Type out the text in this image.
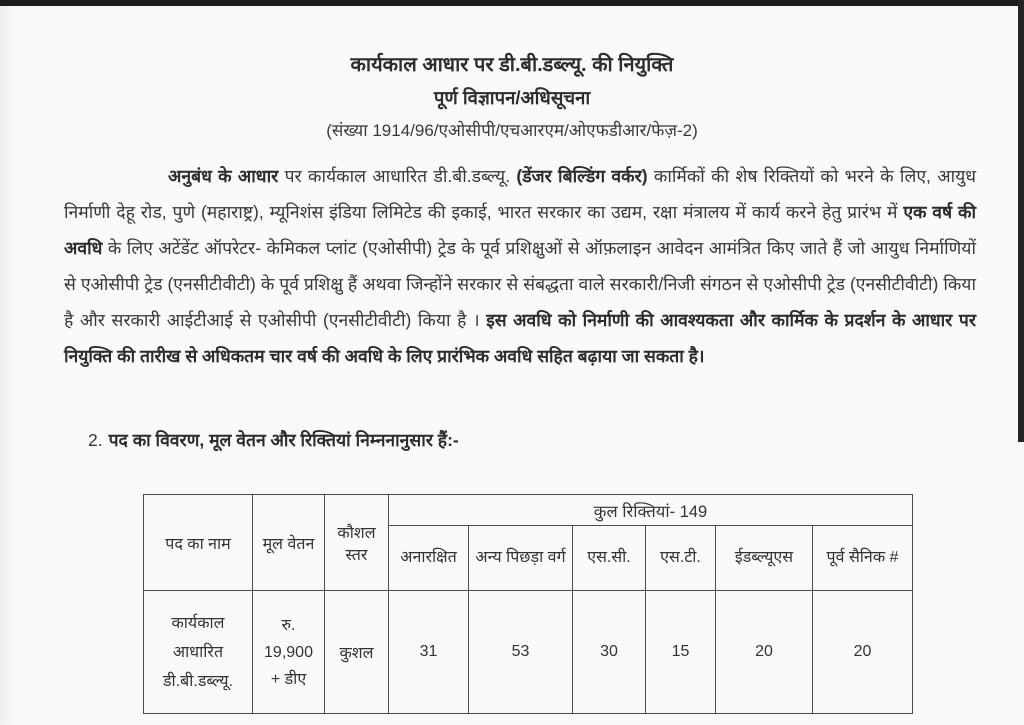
कार्यकाल आधार पर डी.बी.डब्ल्यू. की नियुक्ति
पूर्ण विज्ञापन/अधिसूचना
(संख्या 1914/96/एओसीपी/एचआरएम/ओएफडीआर/फेज़-2)

अनुबंध के आधार पर कार्यकाल आधारित डी.बी.डब्ल्यू. (डेंजर बिल्डिंग वर्कर) कार्मिकों की शेष रिक्तियों को भरने के लिए, आयुध निर्माणी देहू रोड, पुणे (महाराष्ट्र), म्यूनिशंस इंडिया लिमिटेड की इकाई, भारत सरकार का उद्यम, रक्षा मंत्रालय में कार्य करने हेतु प्रारंभ में एक वर्ष की अवधि के लिए अटेंडेंट ऑपरेटर- केमिकल प्लांट (एओसीपी) ट्रेड के पूर्व प्रशिक्षुओं से ऑफ़लाइन आवेदन आमंत्रित किए जाते हैं जो आयुध निर्माणियों से एओसीपी ट्रेड (एनसीटीवीटी) के पूर्व प्रशिक्षु हैं अथवा जिन्होंने सरकार से संबद्धता वाले सरकारी/निजी संगठन से एओसीपी ट्रेड (एनसीटीवीटी) किया है और सरकारी आईटीआई से एओसीपी (एनसीटीवीटी) किया है । इस अवधि को निर्माणी की आवश्यकता और कार्मिक के प्रदर्शन के आधार पर नियुक्ति की तारीख से अधिकतम चार वर्ष की अवधि के लिए प्रारंभिक अवधि सहित बढ़ाया जा सकता है।

2. पद का विवरण, मूल वेतन और रिक्तियां निम्ननानुसार हैं:-
पद का नाम	मूल वेतन	कौशल स्तर	कुल रिक्तियां- 149					
			अनारक्षित	अन्य पिछड़ा वर्ग	एस.सी.	एस.टी.	ईडब्ल्यूएस	पूर्व सैनिक #
कार्यकाल आधारित डी.बी.डब्ल्यू.	रु.
19,900
+ डीए	कुशल	31	53	30	15	20	20
